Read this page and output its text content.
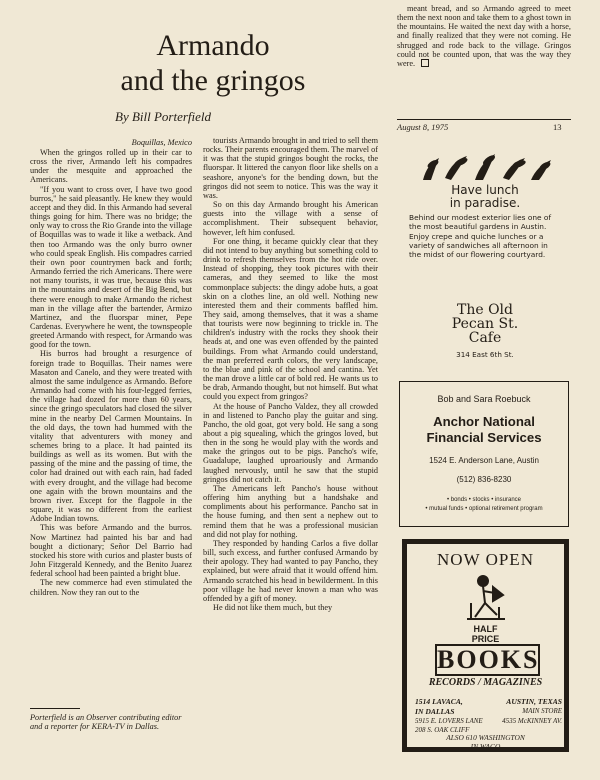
Armando
and the gringos
By Bill Porterfield
Boquillas, Mexico

When the gringos rolled up in their car to cross the river, Armando left his compadres under the mesquite and approached the Americans.

"If you want to cross over, I have two good burros," he said pleasantly. He knew they would accept and they did. In this Armando had several things going for him. There was no bridge; the only way to cross the Rio Grande into the village of Boquillas was to wade it like a wetback. And then too Armando was the only burro owner who could speak English. His compadres carried their own poor countrymen back and forth; Armando ferried the rich Americans. There were not many tourists, it was true, because this was in the mountains and desert of the Big Bend, but there were enough to make Armando the richest man in the village after the bartender, Armizo Martinez, and the fluorspar miner, Pepe Cardenas. Everywhere he went, the townspeople greeted Armando with respect, for Armando was good for the town.

His burros had brought a resurgence of foreign trade to Boquillas. Their names were Masaton and Canelo, and they were treated with almost the same indulgence as Armando. Before Armando had come with his four-legged ferries, the village had dozed for more than 60 years, since the gringo speculators had closed the silver mine in the nearby Del Carmen Mountains. In the old days, the town had hummed with the vitality that adventurers with money and schemes bring to a place. It had painted its buildings as well as its women. But with the passing of the mine and the passing of time, the color had drained out with each rain, had faded with every drought, and the village had become one again with the brown mountains and the brown river. Except for the flagpole in the square, it was no different from the earliest Adobe Indian towns.

This was before Armando and the burros. Now Martinez had painted his bar and had bought a dictionary; Señor Del Barrio had stocked his store with curios and plaster busts of John Fitzgerald Kennedy, and the Benito Juarez federal school had been painted a bright blue.

The new commerce had even stimulated the children. Now they ran out to the

Porterfield is an Observer contributing editor and a reporter for KERA-TV in Dallas.

tourists Armando brought in and tried to sell them rocks. Their parents encouraged them. The marvel of it was that the stupid gringos bought the rocks, the fluorspar. It littered the canyon floor like shells on a seashore, anyone's for the bending down, but the gringos did not seem to notice. This was the way it was.

So on this day Armando brought his American guests into the village with a sense of accomplishment. Their subsequent behavior, however, left him confused.

For one thing, it became quickly clear that they did not intend to buy anything but something cold to drink to refresh themselves from the hot ride over. Instead of shopping, they took pictures with their cameras, and they seemed to like the most commonplace subjects: the dingy adobe huts, a goat skin on a clothes line, an old well. Nothing new interested them and their comments baffled him. They said, among themselves, that it was a shame that tourists were now beginning to trickle in. The children's industry with the rocks they shook their heads at, and one was even offended by the painted buildings. From what Armando could understand, the man preferred earth colors, the very landscape, to the blue and pink of the school and cantina. Yet the man drove a little car of bold red. He wants us to be drab, Armando thought, but not himself. But what could you expect from gringos?

At the house of Pancho Valdez, they all crowded in and listened to Pancho play the guitar and sing. Pancho, the old goat, got very bold. He sang a song about a pig squealing, which the gringos loved, but then in the song he would play with the words and make the gringos out to be pigs. Pancho's wife, Guadalupe, laughed uproariously and Armando laughed nervously, until he saw that the stupid gringos did not catch it.

The Americans left Pancho's house without offering him anything but a handshake and compliments about his performance. Pancho sat in the house fuming, and then sent a nephew out to remind them that he was a professional musician and did not play for nothing.

They responded by handing Carlos a five dollar bill, such excess, and further confused Armando by their apology. They had wanted to pay Pancho, they explained, but were afraid that it would offend him. Armando scratched his head in bewilderment. In this poor village he had never known a man who was offended by a gift of money.

He did not like them much, but they

meant bread, and so Armando agreed to meet them the next noon and take them to a ghost town in the mountains. He waited the next day with a horse, and finally realized that they were not coming. He shrugged and rode back to the village. Gringos could not be counted upon, that was the way they were.

August 8, 1975	13
Have lunch
in paradise.
Behind our modest exterior lies one of the most beautiful gardens in Austin. Enjoy crepe and quiche lunches or a variety of sandwiches all afternoon in the midst of our flowering courtyard.
The Old
Pecan St.
Cafe
314 East 6th St.
Bob and Sara Roebuck
Anchor National
Financial Services
1524 E. Anderson Lane, Austin
(512) 836-8230
• bonds • stocks • insurance
• mutual funds • optional retirement program
NOW OPEN
HALF
PRICE
BOOKS
RECORDS / MAGAZINES
1514 LAVACA,	AUSTIN, TEXAS
IN DALLAS	MAIN STORE
5915 E. LOVERS LANE	4535 McKINNEY AV.
208 S. OAK CLIFF
ALSO 610 WASHINGTON
IN WACO
